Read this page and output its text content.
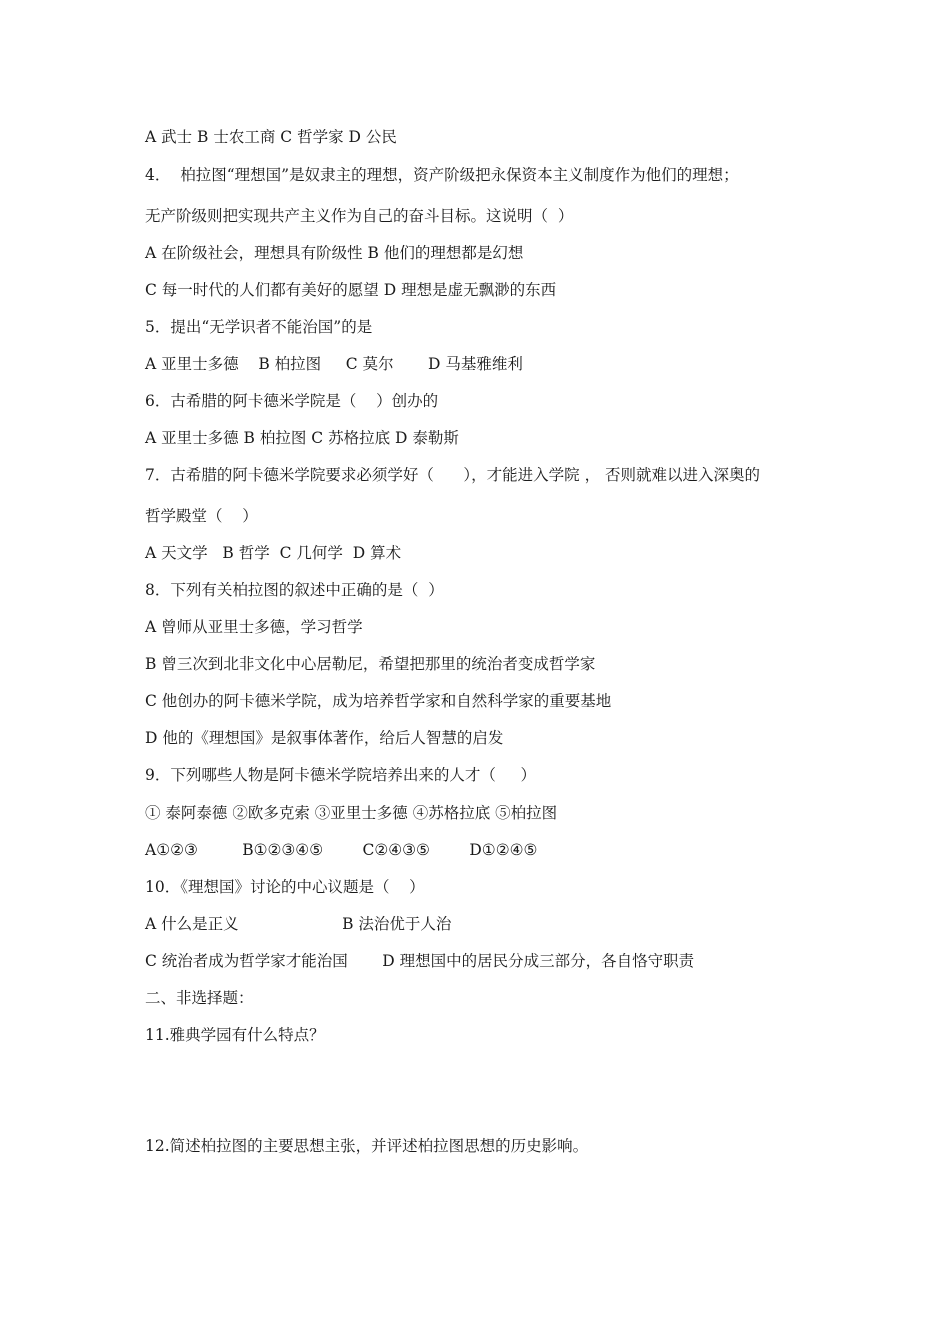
A 武士 B 士农工商 C 哲学家 D 公民
4．  柏拉图“理想国”是奴隶主的理想，资产阶级把永保资本主义制度作为他们的理想；
无产阶级则把实现共产主义作为自己的奋斗目标。这说明（  ）
A 在阶级社会，理想具有阶级性 B 他们的理想都是幻想
C 每一时代的人们都有美好的愿望 D 理想是虚无飘渺的东西
5．提出“无学识者不能治国”的是
A 亚里士多德    B 柏拉图     C 莫尔       D 马基雅维利
6．古希腊的阿卡德米学院是（    ）创办的
A 亚里士多德 B 柏拉图 C 苏格拉底 D 泰勒斯
7．古希腊的阿卡德米学院要求必须学好（      ），才能进入学院 ， 否则就难以进入深奥的
哲学殿堂（    ）
A 天文学   B 哲学  C 几何学  D 算术
8．下列有关柏拉图的叙述中正确的是（  ）
A 曾师从亚里士多德，学习哲学
B 曾三次到北非文化中心居勒尼，希望把那里的统治者变成哲学家
C 他创办的阿卡德米学院，成为培养哲学家和自然科学家的重要基地
D 他的《理想国》是叙事体著作，给后人智慧的启发
9．下列哪些人物是阿卡德米学院培养出来的人才（     ）
① 泰阿泰德 ②欧多克索 ③亚里士多德 ④苏格拉底 ⑤柏拉图
A①②③         B①②③④⑤        C②④③⑤        D①②④⑤
10．《理想国》讨论的中心议题是（    ）
A 什么是正义                     B 法治优于人治
C 统治者成为哲学家才能治国       D 理想国中的居民分成三部分，各自恪守职责
二、非选择题：
11.雅典学园有什么特点？
12.简述柏拉图的主要思想主张，并评述柏拉图思想的历史影响。
